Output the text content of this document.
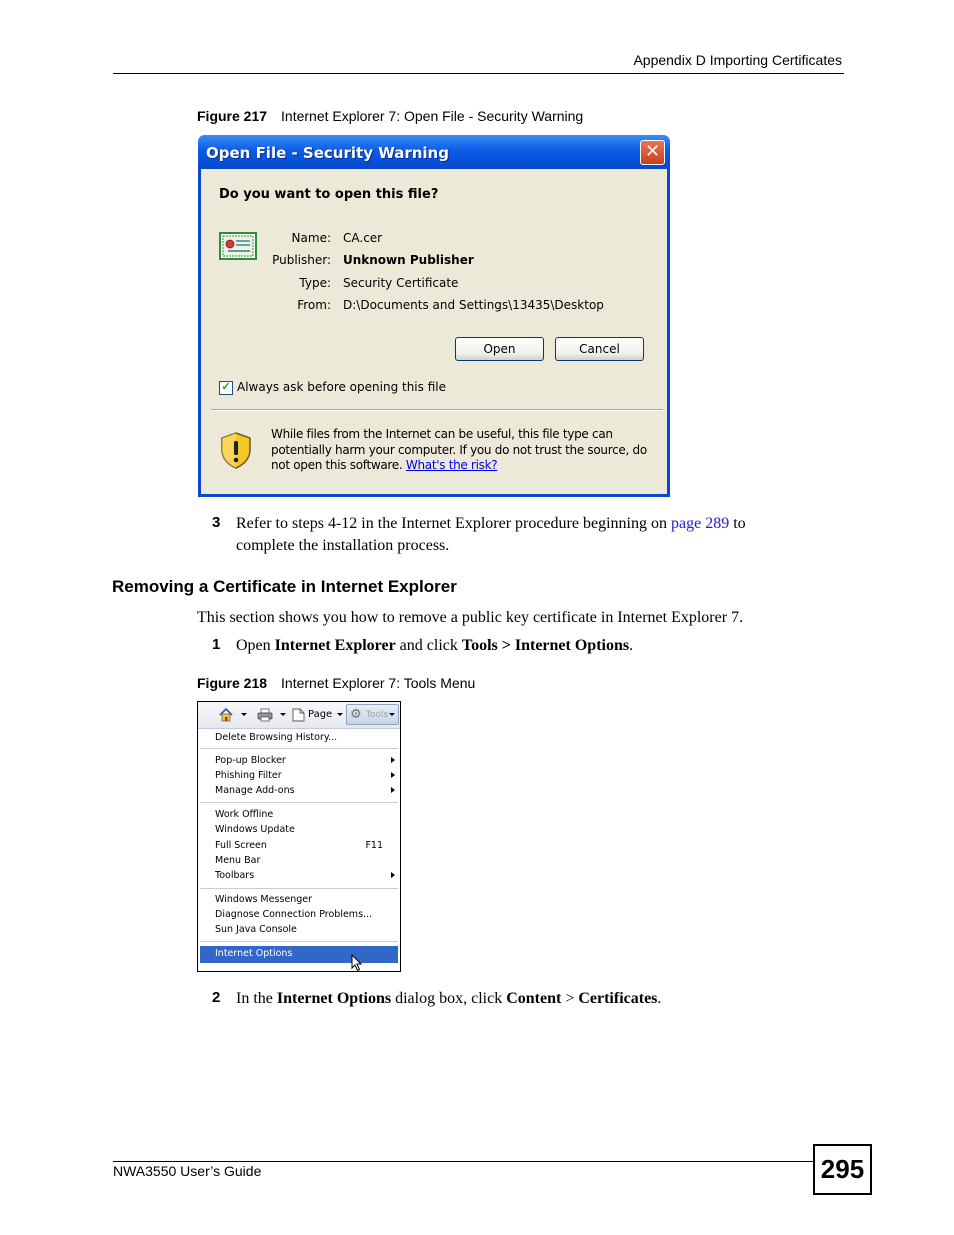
Appendix D Importing Certificates
Figure 217 Internet Explorer 7: Open File - Security Warning
Open File - Security Warning	✕
Do you want to open this file?
Name: CA.cer
Publisher: Unknown Publisher
Type: Security Certificate
From: D:\Documents and Settings\13435\Desktop
Open	Cancel
✓ Always ask before opening this file
While files from the Internet can be useful, this file type can potentially harm your computer. If you do not trust the source, do not open this software. What's the risk?
3 Refer to steps 4-12 in the Internet Explorer procedure beginning on page 289 to
complete the installation process.
Removing a Certificate in Internet Explorer
This section shows you how to remove a public key certificate in Internet Explorer 7.
1 Open Internet Explorer and click Tools > Internet Options.
Figure 218 Internet Explorer 7: Tools Menu
Page ⚙ Tools
Delete Browsing History...
Pop-up Blocker
Phishing Filter
Manage Add-ons
Work Offline
Windows Update
Full Screen	F11
Menu Bar
Toolbars
Windows Messenger
Diagnose Connection Problems...
Sun Java Console
Internet Options
2 In the Internet Options dialog box, click Content > Certificates.
NWA3550 User’s Guide	295
